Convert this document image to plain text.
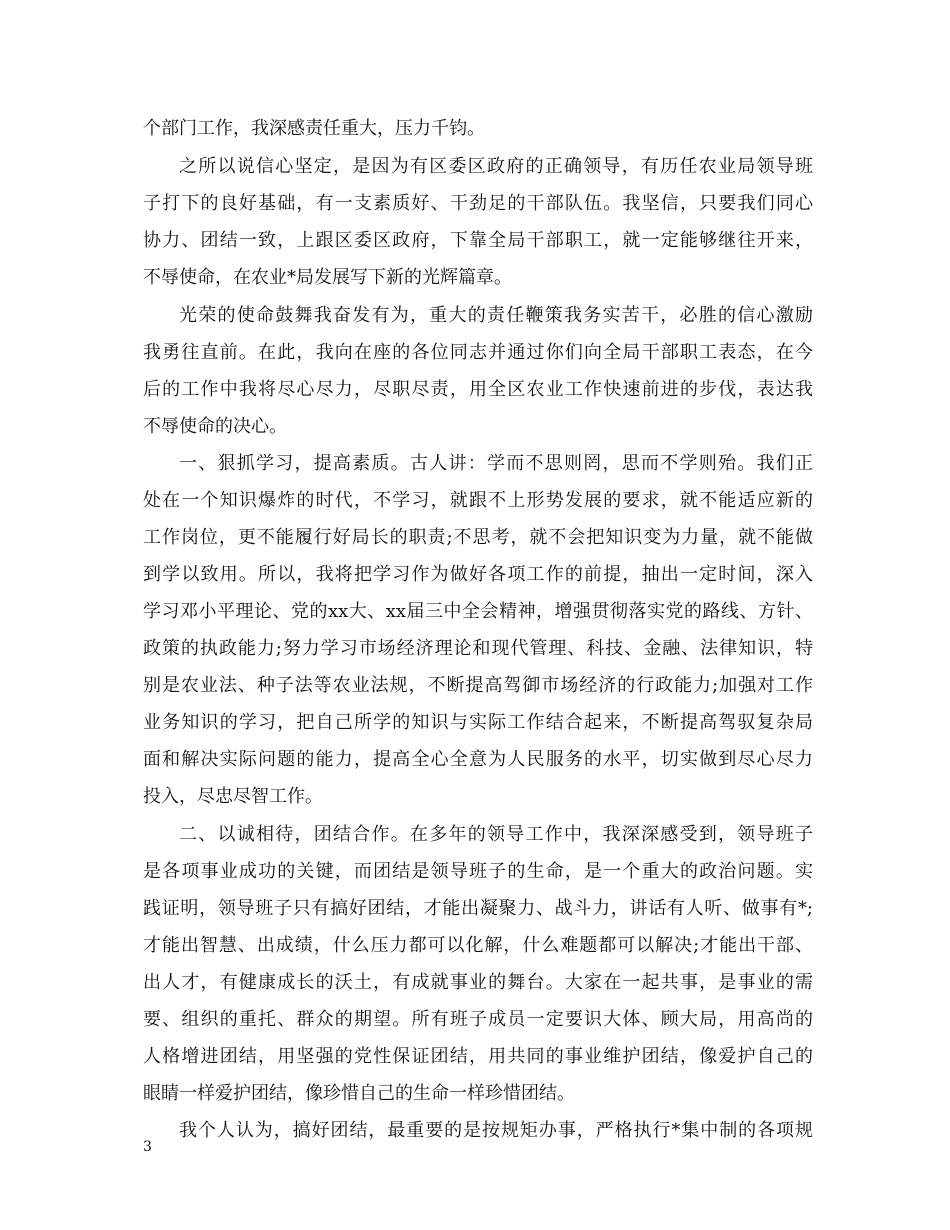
个部门工作，我深感责任重大，压力千钧。
之所以说信心坚定，是因为有区委区政府的正确领导，有历任农业局领导班
子打下的良好基础，有一支素质好、干劲足的干部队伍。我坚信，只要我们同心
协力、团结一致，上跟区委区政府，下靠全局干部职工，就一定能够继往开来，
不辱使命，在农业*局发展写下新的光辉篇章。
光荣的使命鼓舞我奋发有为，重大的责任鞭策我务实苦干，必胜的信心激励
我勇往直前。在此，我向在座的各位同志并通过你们向全局干部职工表态，在今
后的工作中我将尽心尽力，尽职尽责，用全区农业工作快速前进的步伐，表达我
不辱使命的决心。
一、狠抓学习，提高素质。古人讲：学而不思则罔，思而不学则殆。我们正
处在一个知识爆炸的时代，不学习，就跟不上形势发展的要求，就不能适应新的
工作岗位，更不能履行好局长的职责;不思考，就不会把知识变为力量，就不能做
到学以致用。所以，我将把学习作为做好各项工作的前提，抽出一定时间，深入
学习邓小平理论、党的xx大、xx届三中全会精神，增强贯彻落实党的路线、方针、
政策的执政能力;努力学习市场经济理论和现代管理、科技、金融、法律知识，特
别是农业法、种子法等农业法规，不断提高驾御市场经济的行政能力;加强对工作
业务知识的学习，把自己所学的知识与实际工作结合起来，不断提高驾驭复杂局
面和解决实际问题的能力，提高全心全意为人民服务的水平，切实做到尽心尽力
投入，尽忠尽智工作。
二、以诚相待，团结合作。在多年的领导工作中，我深深感受到，领导班子
是各项事业成功的关键，而团结是领导班子的生命，是一个重大的政治问题。实
践证明，领导班子只有搞好团结，才能出凝聚力、战斗力，讲话有人听、做事有*;
才能出智慧、出成绩，什么压力都可以化解，什么难题都可以解决;才能出干部、
出人才，有健康成长的沃土，有成就事业的舞台。大家在一起共事，是事业的需
要、组织的重托、群众的期望。所有班子成员一定要识大体、顾大局，用高尚的
人格增进团结，用坚强的党性保证团结，用共同的事业维护团结，像爱护自己的
眼睛一样爱护团结，像珍惜自己的生命一样珍惜团结。
我个人认为，搞好团结，最重要的是按规矩办事，严格执行*集中制的各项规
3
